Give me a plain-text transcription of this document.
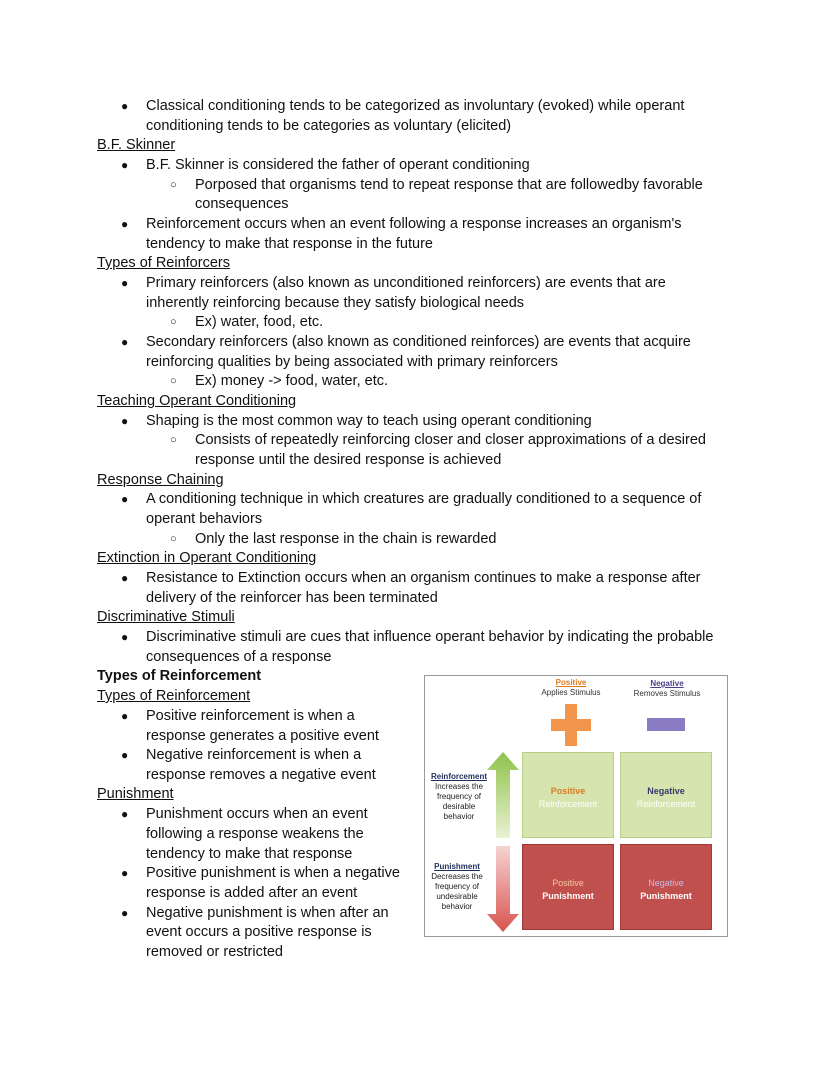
● Classical conditioning tends to be categorized as involuntary (evoked) while operant
conditioning tends to be categories as voluntary (elicited)
B.F. Skinner
● B.F. Skinner is considered the father of operant conditioning
○ Porposed that organisms tend to repeat response that are followedby favorable
consequences
● Reinforcement occurs when an event following a response increases an organism's
tendency to make that response in the future
Types of Reinforcers
● Primary reinforcers (also known as unconditioned reinforcers) are events that are
inherently reinforcing because they satisfy biological needs
○ Ex) water, food, etc.
● Secondary reinforcers (also known as conditioned reinforces) are events that acquire
reinforcing qualities by being associated with primary reinforcers
○ Ex) money -> food, water, etc.
Teaching Operant Conditioning
● Shaping is the most common way to teach using operant conditioning
○ Consists of repeatedly reinforcing closer and closer approximations of a desired
response until the desired response is achieved
Response Chaining
● A conditioning technique in which creatures are gradually conditioned to a sequence of
operant behaviors
○ Only the last response in the chain is rewarded
Extinction in Operant Conditioning
● Resistance to Extinction occurs when an organism continues to make a response after
delivery of the reinforcer has been terminated
Discriminative Stimuli
● Discriminative stimuli are cues that influence operant behavior by indicating the probable
consequences of a response
Types of Reinforcement
Types of Reinforcement
● Positive reinforcement is when a
response generates a positive event
● Negative reinforcement is when a
response removes a negative event
Punishment
● Punishment occurs when an event
following a response weakens the
tendency to make that response
● Positive punishment is when a negative
response is added after an event
● Negative punishment is when after an
event occurs a positive response is
removed or restricted
Positive
Applies Stimulus
Negative
Removes Stimulus
Reinforcement
Increases the
frequency of
desirable
behavior
Punishment
Decreases the
frequency of
undesirable
behavior
Positive
Reinforcement
Negative
Reinforcement
Positive
Punishment
Negative
Punishment
